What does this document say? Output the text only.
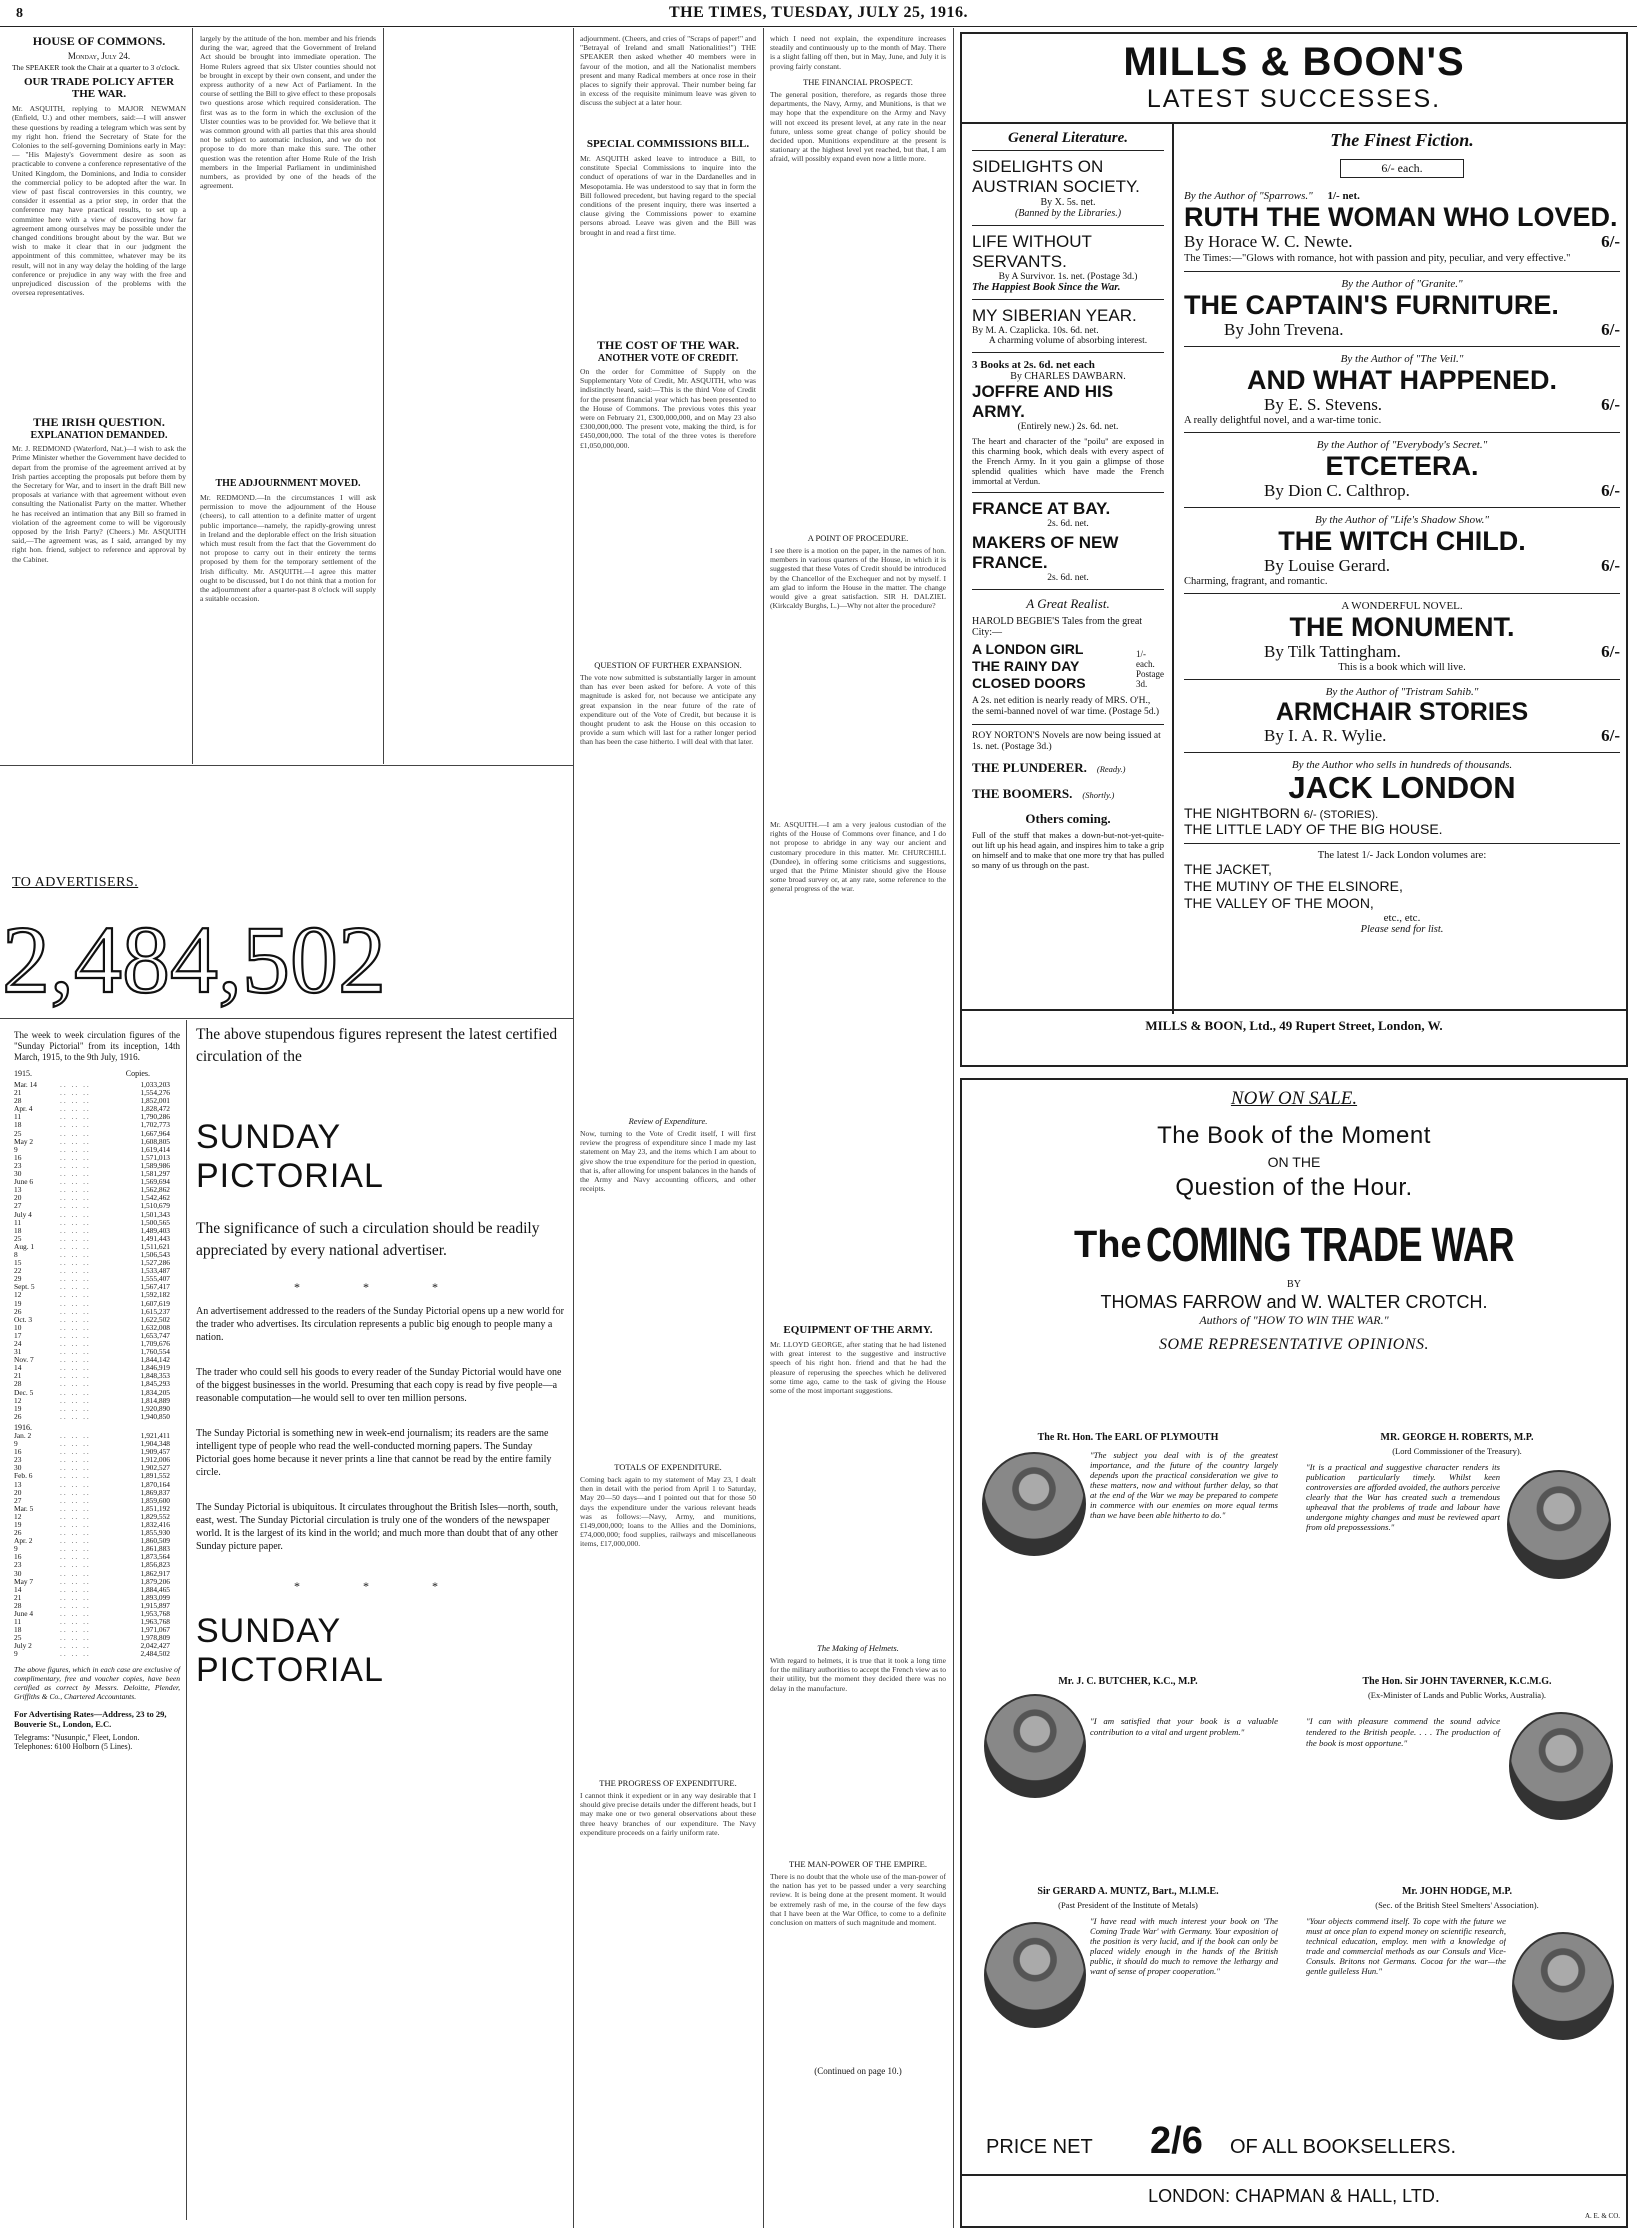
8	THE TIMES, TUESDAY, JULY 25, 1916.
HOUSE OF COMMONS.
Monday, July 24.
The SPEAKER took the Chair at a quarter to 3 o'clock.
OUR TRADE POLICY AFTER THE WAR.
Mr. ASQUITH, replying to MAJOR NEWMAN (Enfield, U.) and other members, said:—I will answer these questions by reading a telegram which was sent by my right hon. friend the Secretary of State for the Colonies to the self-governing Dominions early in May:— "His Majesty's Government desire as soon as practicable to convene a conference representative of the United Kingdom, the Dominions, and India to consider the commercial policy to be adopted after the war. In view of past fiscal controversies in this country, we consider it essential as a prior step, in order that the conference may have practical results, to set up a committee here with a view of discovering how far agreement among ourselves may be possible under the changed conditions brought about by the war. But we wish to make it clear that in our judgment the appointment of this committee, whatever may be its result, will not in any way delay the holding of the large conference or prejudice in any way with the free and unprejudiced discussion of the problems with the oversea representatives.
THE IRISH QUESTION.
EXPLANATION DEMANDED.
Mr. J. REDMOND (Waterford, Nat.)—I wish to ask the Prime Minister whether the Government have decided to depart from the promise of the agreement arrived at by Irish parties accepting the proposals put before them by the Secretary for War, and to insert in the draft Bill new proposals at variance with that agreement without even consulting the Nationalist Party on the matter. Whether he has received an intimation that any Bill so framed in violation of the agreement come to will be vigorously opposed by the Irish Party? (Cheers.) Mr. ASQUITH said,—The agreement was, as I said, arranged by my right hon. friend, subject to reference and approval by the Cabinet.
largely by the attitude of the hon. member and his friends during the war, agreed that the Government of Ireland Act should be brought into immediate operation. The Home Rulers agreed that six Ulster counties should not be brought in except by their own consent, and under the express authority of a new Act of Parliament. In the course of settling the Bill to give effect to these proposals two questions arose which required consideration. The first was as to the form in which the exclusion of the Ulster counties was to be provided for. We believe that it was common ground with all parties that this area should not be subject to automatic inclusion, and we do not propose to do more than make this sure. The other question was the retention after Home Rule of the Irish members in the Imperial Parliament in undiminished numbers, as provided by one of the heads of the agreement.
THE ADJOURNMENT MOVED.
Mr. REDMOND.—In the circumstances I will ask permission to move the adjournment of the House (cheers), to call attention to a definite matter of urgent public importance—namely, the rapidly-growing unrest in Ireland and the deplorable effect on the Irish situation which must result from the fact that the Government do not propose to carry out in their entirety the terms proposed by them for the temporary settlement of the Irish difficulty. Mr. ASQUITH.—I agree this matter ought to be discussed, but I do not think that a motion for the adjournment after a quarter-past 8 o'clock will supply a suitable occasion.
adjournment. (Cheers, and cries of "Scraps of paper!" and "Betrayal of Ireland and small Nationalities!") THE SPEAKER then asked whether 40 members were in favour of the motion, and all the Nationalist members present and many Radical members at once rose in their places to signify their approval. Their number being far in excess of the requisite minimum leave was given to discuss the subject at a later hour.
SPECIAL COMMISSIONS BILL.
Mr. ASQUITH asked leave to introduce a Bill, to constitute Special Commissions to inquire into the conduct of operations of war in the Dardanelles and in Mesopotamia. He was understood to say that in form the Bill followed precedent, but having regard to the special conditions of the present inquiry, there was inserted a clause giving the Commissions power to examine persons abroad. Leave was given and the Bill was brought in and read a first time.
THE COST OF THE WAR.
ANOTHER VOTE OF CREDIT.
On the order for Committee of Supply on the Supplementary Vote of Credit, Mr. ASQUITH, who was indistinctly heard, said:—This is the third Vote of Credit for the present financial year which has been presented to the House of Commons. The previous votes this year were on February 21, £300,000,000, and on May 23 also £300,000,000. The present vote, making the third, is for £450,000,000. The total of the three votes is therefore £1,050,000,000.
QUESTION OF FURTHER EXPANSION.
The vote now submitted is substantially larger in amount than has ever been asked for before. A vote of this magnitude is asked for, not because we anticipate any great expansion in the near future of the rate of expenditure out of the Vote of Credit, but because it is thought prudent to ask the House on this occasion to provide a sum which will last for a rather longer period than has been the case hitherto. I will deal with that later.
Review of Expenditure.
Now, turning to the Vote of Credit itself, I will first review the progress of expenditure since I made my last statement on May 23, and the items which I am about to give show the true expenditure for the period in question, that is, after allowing for unspent balances in the hands of the Army and Navy accounting officers, and other receipts.
TOTALS OF EXPENDITURE.
Coming back again to my statement of May 23, I dealt then in detail with the period from April 1 to Saturday, May 20—50 days—and I pointed out that for those 50 days the expenditure under the various relevant heads was as follows:—Navy, Army, and munitions, £149,000,000; loans to the Allies and the Dominions, £74,000,000; food supplies, railways and miscellaneous items, £17,000,000.
THE PROGRESS OF EXPENDITURE.
I cannot think it expedient or in any way desirable that I should give precise details under the different heads, but I may make one or two general observations about these three heavy branches of our expenditure. The Navy expenditure proceeds on a fairly uniform rate.
which I need not explain, the expenditure increases steadily and continuously up to the month of May. There is a slight falling off then, but in May, June, and July it is proving fairly constant.
THE FINANCIAL PROSPECT.
The general position, therefore, as regards those three departments, the Navy, Army, and Munitions, is that we may hope that the expenditure on the Army and Navy will not exceed its present level, at any rate in the near future, unless some great change of policy should be decided upon. Munitions expenditure at the present is stationary at the highest level yet reached, but that, I am afraid, will possibly expand even now a little more.
A POINT OF PROCEDURE.
I see there is a motion on the paper, in the names of hon. members in various quarters of the House, in which it is suggested that these Votes of Credit should be introduced by the Chancellor of the Exchequer and not by myself. I am glad to inform the House in the matter. The change would give a great satisfaction. SIR H. DALZIEL (Kirkcaldy Burghs, L.)—Why not alter the procedure?
Mr. ASQUITH.—I am a very jealous custodian of the rights of the House of Commons over finance, and I do not propose to abridge in any way our ancient and customary procedure in this matter. Mr. CHURCHILL (Dundee), in offering some criticisms and suggestions, urged that the Prime Minister should give the House some broad survey or, at any rate, some reference to the general progress of the war.
EQUIPMENT OF THE ARMY.
Mr. LLOYD GEORGE, after stating that he had listened with great interest to the suggestive and instructive speech of his right hon. friend and that he had the pleasure of reperusing the speeches which he delivered some time ago, came to the task of giving the House some of the most important suggestions.
The Making of Helmets.
With regard to helmets, it is true that it took a long time for the military authorities to accept the French view as to their utility, but the moment they decided there was no delay in the manufacture.
THE MAN-POWER OF THE EMPIRE.
There is no doubt that the whole use of the man-power of the nation has yet to be passed under a very searching review. It is being done at the present moment. It would be extremely rash of me, in the course of the few days that I have been at the War Office, to come to a definite conclusion on matters of such magnitude and moment.
(Continued on page 10.)
TO ADVERTISERS.
2,484,502
The week to week circulation figures of the "Sunday Pictorial" from its inception, 14th March, 1915, to the 9th July, 1916.
1915.	Copies.
Mar. 14	.. .. ..	1,033,203
21	.. .. ..	1,554,276
28	.. .. ..	1,852,001
Apr. 4	.. .. ..	1,828,472
11	.. .. ..	1,790,286
18	.. .. ..	1,702,773
25	.. .. ..	1,667,964
May 2	.. .. ..	1,608,805
9	.. .. ..	1,619,414
16	.. .. ..	1,571,013
23	.. .. ..	1,589,986
30	.. .. ..	1,581,297
June 6	.. .. ..	1,569,694
13	.. .. ..	1,562,862
20	.. .. ..	1,542,462
27	.. .. ..	1,510,679
July 4	.. .. ..	1,501,343
11	.. .. ..	1,500,565
18	.. .. ..	1,489,403
25	.. .. ..	1,491,443
Aug. 1	.. .. ..	1,511,621
8	.. .. ..	1,506,543
15	.. .. ..	1,527,286
22	.. .. ..	1,533,487
29	.. .. ..	1,555,407
Sept. 5	.. .. ..	1,567,417
12	.. .. ..	1,592,182
19	.. .. ..	1,607,619
26	.. .. ..	1,615,237
Oct. 3	.. .. ..	1,622,502
10	.. .. ..	1,632,008
17	.. .. ..	1,653,747
24	.. .. ..	1,709,676
31	.. .. ..	1,760,554
Nov. 7	.. .. ..	1,844,142
14	.. .. ..	1,846,919
21	.. .. ..	1,848,353
28	.. .. ..	1,845,293
Dec. 5	.. .. ..	1,834,205
12	.. .. ..	1,814,889
19	.. .. ..	1,920,890
26	.. .. ..	1,940,850
1916.
Jan. 2	.. .. ..	1,921,411
9	.. .. ..	1,904,348
16	.. .. ..	1,909,457
23	.. .. ..	1,912,006
30	.. .. ..	1,902,527
Feb. 6	.. .. ..	1,891,552
13	.. .. ..	1,870,164
20	.. .. ..	1,869,837
27	.. .. ..	1,859,600
Mar. 5	.. .. ..	1,851,192
12	.. .. ..	1,829,552
19	.. .. ..	1,832,416
26	.. .. ..	1,855,930
Apr. 2	.. .. ..	1,860,509
9	.. .. ..	1,861,883
16	.. .. ..	1,873,564
23	.. .. ..	1,856,823
30	.. .. ..	1,862,917
May 7	.. .. ..	1,879,206
14	.. .. ..	1,884,465
21	.. .. ..	1,893,099
28	.. .. ..	1,915,897
June 4	.. .. ..	1,953,768
11	.. .. ..	1,963,768
18	.. .. ..	1,971,067
25	.. .. ..	1,978,809
July 2	.. .. ..	2,042,427
9	.. .. ..	2,484,502
The above figures, which in each case are exclusive of complimentary, free and voucher copies, have been certified as correct by Messrs. Deloitte, Plender, Griffiths & Co., Chartered Accountants.
For Advertising Rates—Address, 23 to 29, Bouverie St., London, E.C.
Telegrams: "Nusunpic," Fleet, London.
Telephones: 6100 Holborn (5 Lines).
The above stupendous figures represent the latest certified circulation of the
SUNDAY
PICTORIAL
The significance of such a circulation should be readily appreciated by every national advertiser.
* * *
An advertisement addressed to the readers of the Sunday Pictorial opens up a new world for the trader who advertises. Its circulation represents a public big enough to people many a nation.
The trader who could sell his goods to every reader of the Sunday Pictorial would have one of the biggest businesses in the world. Presuming that each copy is read by five people—a reasonable computation—he would sell to over ten million persons.
The Sunday Pictorial is something new in week-end journalism; its readers are the same intelligent type of people who read the well-conducted morning papers. The Sunday Pictorial goes home because it never prints a line that cannot be read by the entire family circle.
The Sunday Pictorial is ubiquitous. It circulates throughout the British Isles—north, south, east, west. The Sunday Pictorial circulation is truly one of the wonders of the newspaper world. It is the largest of its kind in the world; and much more than doubt that of any other Sunday picture paper.
* * *
SUNDAY
PICTORIAL
MILLS & BOON'S
LATEST SUCCESSES.
General Literature.
SIDELIGHTS ON AUSTRIAN SOCIETY.
By X. 5s. net.
(Banned by the Libraries.)
LIFE WITHOUT SERVANTS.
By A Survivor. 1s. net. (Postage 3d.)
The Happiest Book Since the War.
MY SIBERIAN YEAR.
By M. A. Czaplicka. 10s. 6d. net.
A charming volume of absorbing interest.
3 Books at 2s. 6d. net each
By CHARLES DAWBARN.
JOFFRE AND HIS ARMY.
(Entirely new.) 2s. 6d. net.
The heart and character of the "poilu" are exposed in this charming book, which deals with every aspect of the French Army. In it you gain a glimpse of those splendid qualities which have made the French immortal at Verdun.
FRANCE AT BAY.
2s. 6d. net.
MAKERS OF NEW FRANCE.
2s. 6d. net.
A Great Realist.
HAROLD BEGBIE'S Tales from the great City:—
A LONDON GIRL
THE RAINY DAY
CLOSED DOORS
1/- each. Postage 3d.
A 2s. net edition is nearly ready of MRS. O'H., the semi-banned novel of war time. (Postage 5d.)
ROY NORTON'S Novels are now being issued at 1s. net. (Postage 3d.)
THE PLUNDERER. (Ready.)
THE BOOMERS. (Shortly.)
Others coming.
Full of the stuff that makes a down-but-not-yet-quite-out lift up his head again, and inspires him to take a grip on himself and to make that one more try that has pulled so many of us through on the past.
The Finest Fiction.
6/- each.
By the Author of "Sparrows." 1/- net.
RUTH THE WOMAN WHO LOVED.
By Horace W. C. Newte.	6/-
The Times:—"Glows with romance, hot with passion and pity, peculiar, and very effective."
By the Author of "Granite."
THE CAPTAIN'S FURNITURE.
By John Trevena.	6/-
By the Author of "The Veil."
AND WHAT HAPPENED.
By E. S. Stevens.	6/-
A really delightful novel, and a war-time tonic.
By the Author of "Everybody's Secret."
ETCETERA.
By Dion C. Calthrop.	6/-
By the Author of "Life's Shadow Show."
THE WITCH CHILD.
By Louise Gerard.	6/-
Charming, fragrant, and romantic.
A WONDERFUL NOVEL.
THE MONUMENT.
By Tilk Tattingham.	6/-
This is a book which will live.
By the Author of "Tristram Sahib."
ARMCHAIR STORIES
By I. A. R. Wylie.	6/-
By the Author who sells in hundreds of thousands.
JACK LONDON
THE NIGHTBORN 6/- (STORIES).
THE LITTLE LADY OF THE BIG HOUSE.
The latest 1/- Jack London volumes are:
THE JACKET,
THE MUTINY OF THE ELSINORE,
THE VALLEY OF THE MOON,
etc., etc.
Please send for list.
MILLS & BOON, Ltd., 49 Rupert Street, London, W.
NOW ON SALE.
The Book of the Moment
ON THE
Question of the Hour.
The COMING TRADE WAR
BY
THOMAS FARROW and W. WALTER CROTCH.
Authors of "HOW TO WIN THE WAR."
SOME REPRESENTATIVE OPINIONS.
The Rt. Hon. The EARL OF PLYMOUTH
"The subject you deal with is of the greatest importance, and the future of the country largely depends upon the practical consideration we give to these matters, now and without further delay, so that at the end of the War we may be prepared to compete in commerce with our enemies on more equal terms than we have been able hitherto to do."
MR. GEORGE H. ROBERTS, M.P.
(Lord Commissioner of the Treasury).
"It is a practical and suggestive character renders its publication particularly timely. Whilst keen controversies are afforded avoided, the authors perceive clearly that the War has created such a tremendous upheaval that the problems of trade and labour have undergone mighty changes and must be reviewed apart from old prepossessions."
Mr. J. C. BUTCHER, K.C., M.P.
"I am satisfied that your book is a valuable contribution to a vital and urgent problem."
The Hon. Sir JOHN TAVERNER, K.C.M.G.
(Ex-Minister of Lands and Public Works, Australia).
"I can with pleasure commend the sound advice tendered to the British people. . . . The production of the book is most opportune."
Sir GERARD A. MUNTZ, Bart., M.I.M.E.
(Past President of the Institute of Metals)
"I have read with much interest your book on 'The Coming Trade War' with Germany. Your exposition of the position is very lucid, and if the book can only be placed widely enough in the hands of the British public, it should do much to remove the lethargy and want of sense of proper cooperation."
Mr. JOHN HODGE, M.P.
(Sec. of the British Steel Smelters' Association).
"Your objects commend itself. To cope with the future we must at once plan to expend money on scientific research, technical education, employ. men with a knowledge of trade and commercial methods as our Consuls and Vice-Consuls. Britons not Germans. Cocoa for the war—the gentle guileless Hun."
PRICE NET 2/6 OF ALL BOOKSELLERS.
LONDON: CHAPMAN & HALL, LTD.
A. E. & CO.
